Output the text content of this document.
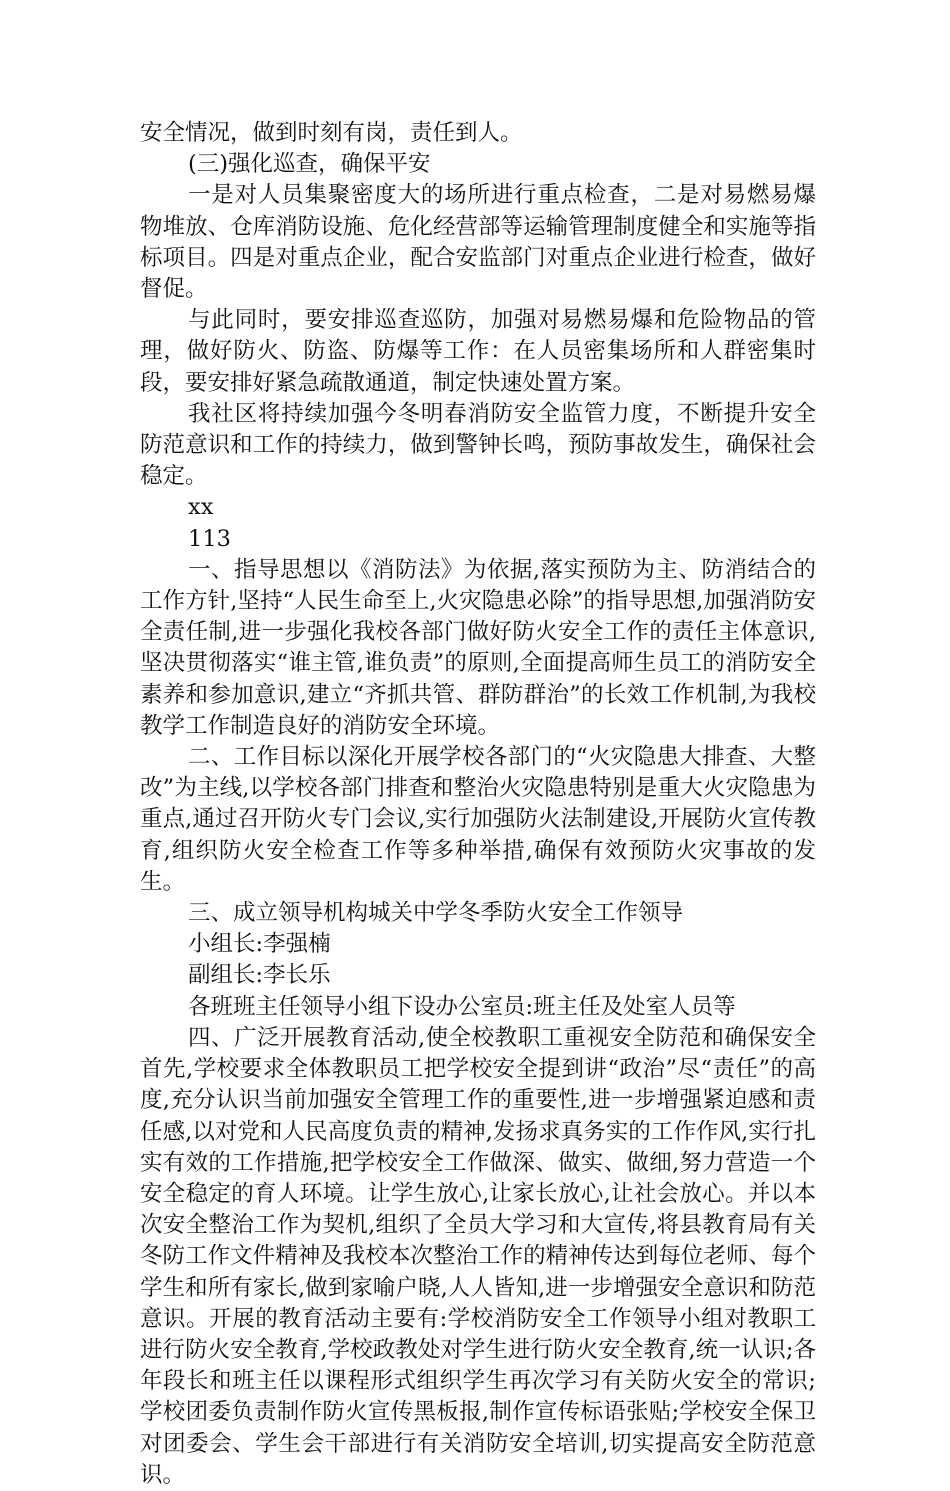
安全情况，做到时刻有岗，责任到人。

(三)强化巡查，确保平安

一是对人员集聚密度大的场所进行重点检查，二是对易燃易爆物堆放、仓库消防设施、危化经营部等运输管理制度健全和实施等指标项目。四是对重点企业，配合安监部门对重点企业进行检查，做好督促。

与此同时，要安排巡查巡防，加强对易燃易爆和危险物品的管理，做好防火、防盗、防爆等工作：在人员密集场所和人群密集时段，要安排好紧急疏散通道，制定快速处置方案。

我社区将持续加强今冬明春消防安全监管力度，不断提升安全防范意识和工作的持续力，做到警钟长鸣，预防事故发生，确保社会稳定。

xx

113

一、指导思想以《消防法》为依据,落实预防为主、防消结合的工作方针,坚持“人民生命至上,火灾隐患必除”的指导思想,加强消防安全责任制,进一步强化我校各部门做好防火安全工作的责任主体意识,坚决贯彻落实“谁主管,谁负责”的原则,全面提高师生员工的消防安全素养和参加意识,建立“齐抓共管、群防群治”的长效工作机制,为我校教学工作制造良好的消防安全环境。

二、工作目标以深化开展学校各部门的“火灾隐患大排查、大整改”为主线,以学校各部门排查和整治火灾隐患特别是重大火灾隐患为重点,通过召开防火专门会议,实行加强防火法制建设,开展防火宣传教育,组织防火安全检查工作等多种举措,确保有效预防火灾事故的发生。

三、成立领导机构城关中学冬季防火安全工作领导

小组长:李强楠

副组长:李长乐

各班班主任领导小组下设办公室员:班主任及处室人员等

四、广泛开展教育活动,使全校教职工重视安全防范和确保安全首先,学校要求全体教职员工把学校安全提到讲“政治”尽“责任”的高度,充分认识当前加强安全管理工作的重要性,进一步增强紧迫感和责任感,以对党和人民高度负责的精神,发扬求真务实的工作作风,实行扎实有效的工作措施,把学校安全工作做深、做实、做细,努力营造一个安全稳定的育人环境。让学生放心,让家长放心,让社会放心。并以本次安全整治工作为契机,组织了全员大学习和大宣传,将县教育局有关冬防工作文件精神及我校本次整治工作的精神传达到每位老师、每个学生和所有家长,做到家喻户晓,人人皆知,进一步增强安全意识和防范意识。开展的教育活动主要有:学校消防安全工作领导小组对教职工进行防火安全教育,学校政教处对学生进行防火安全教育,统一认识;各年段长和班主任以课程形式组织学生再次学习有关防火安全的常识;学校团委负责制作防火宣传黑板报,制作宣传标语张贴;学校安全保卫对团委会、学生会干部进行有关消防安全培训,切实提高安全防范意识。
